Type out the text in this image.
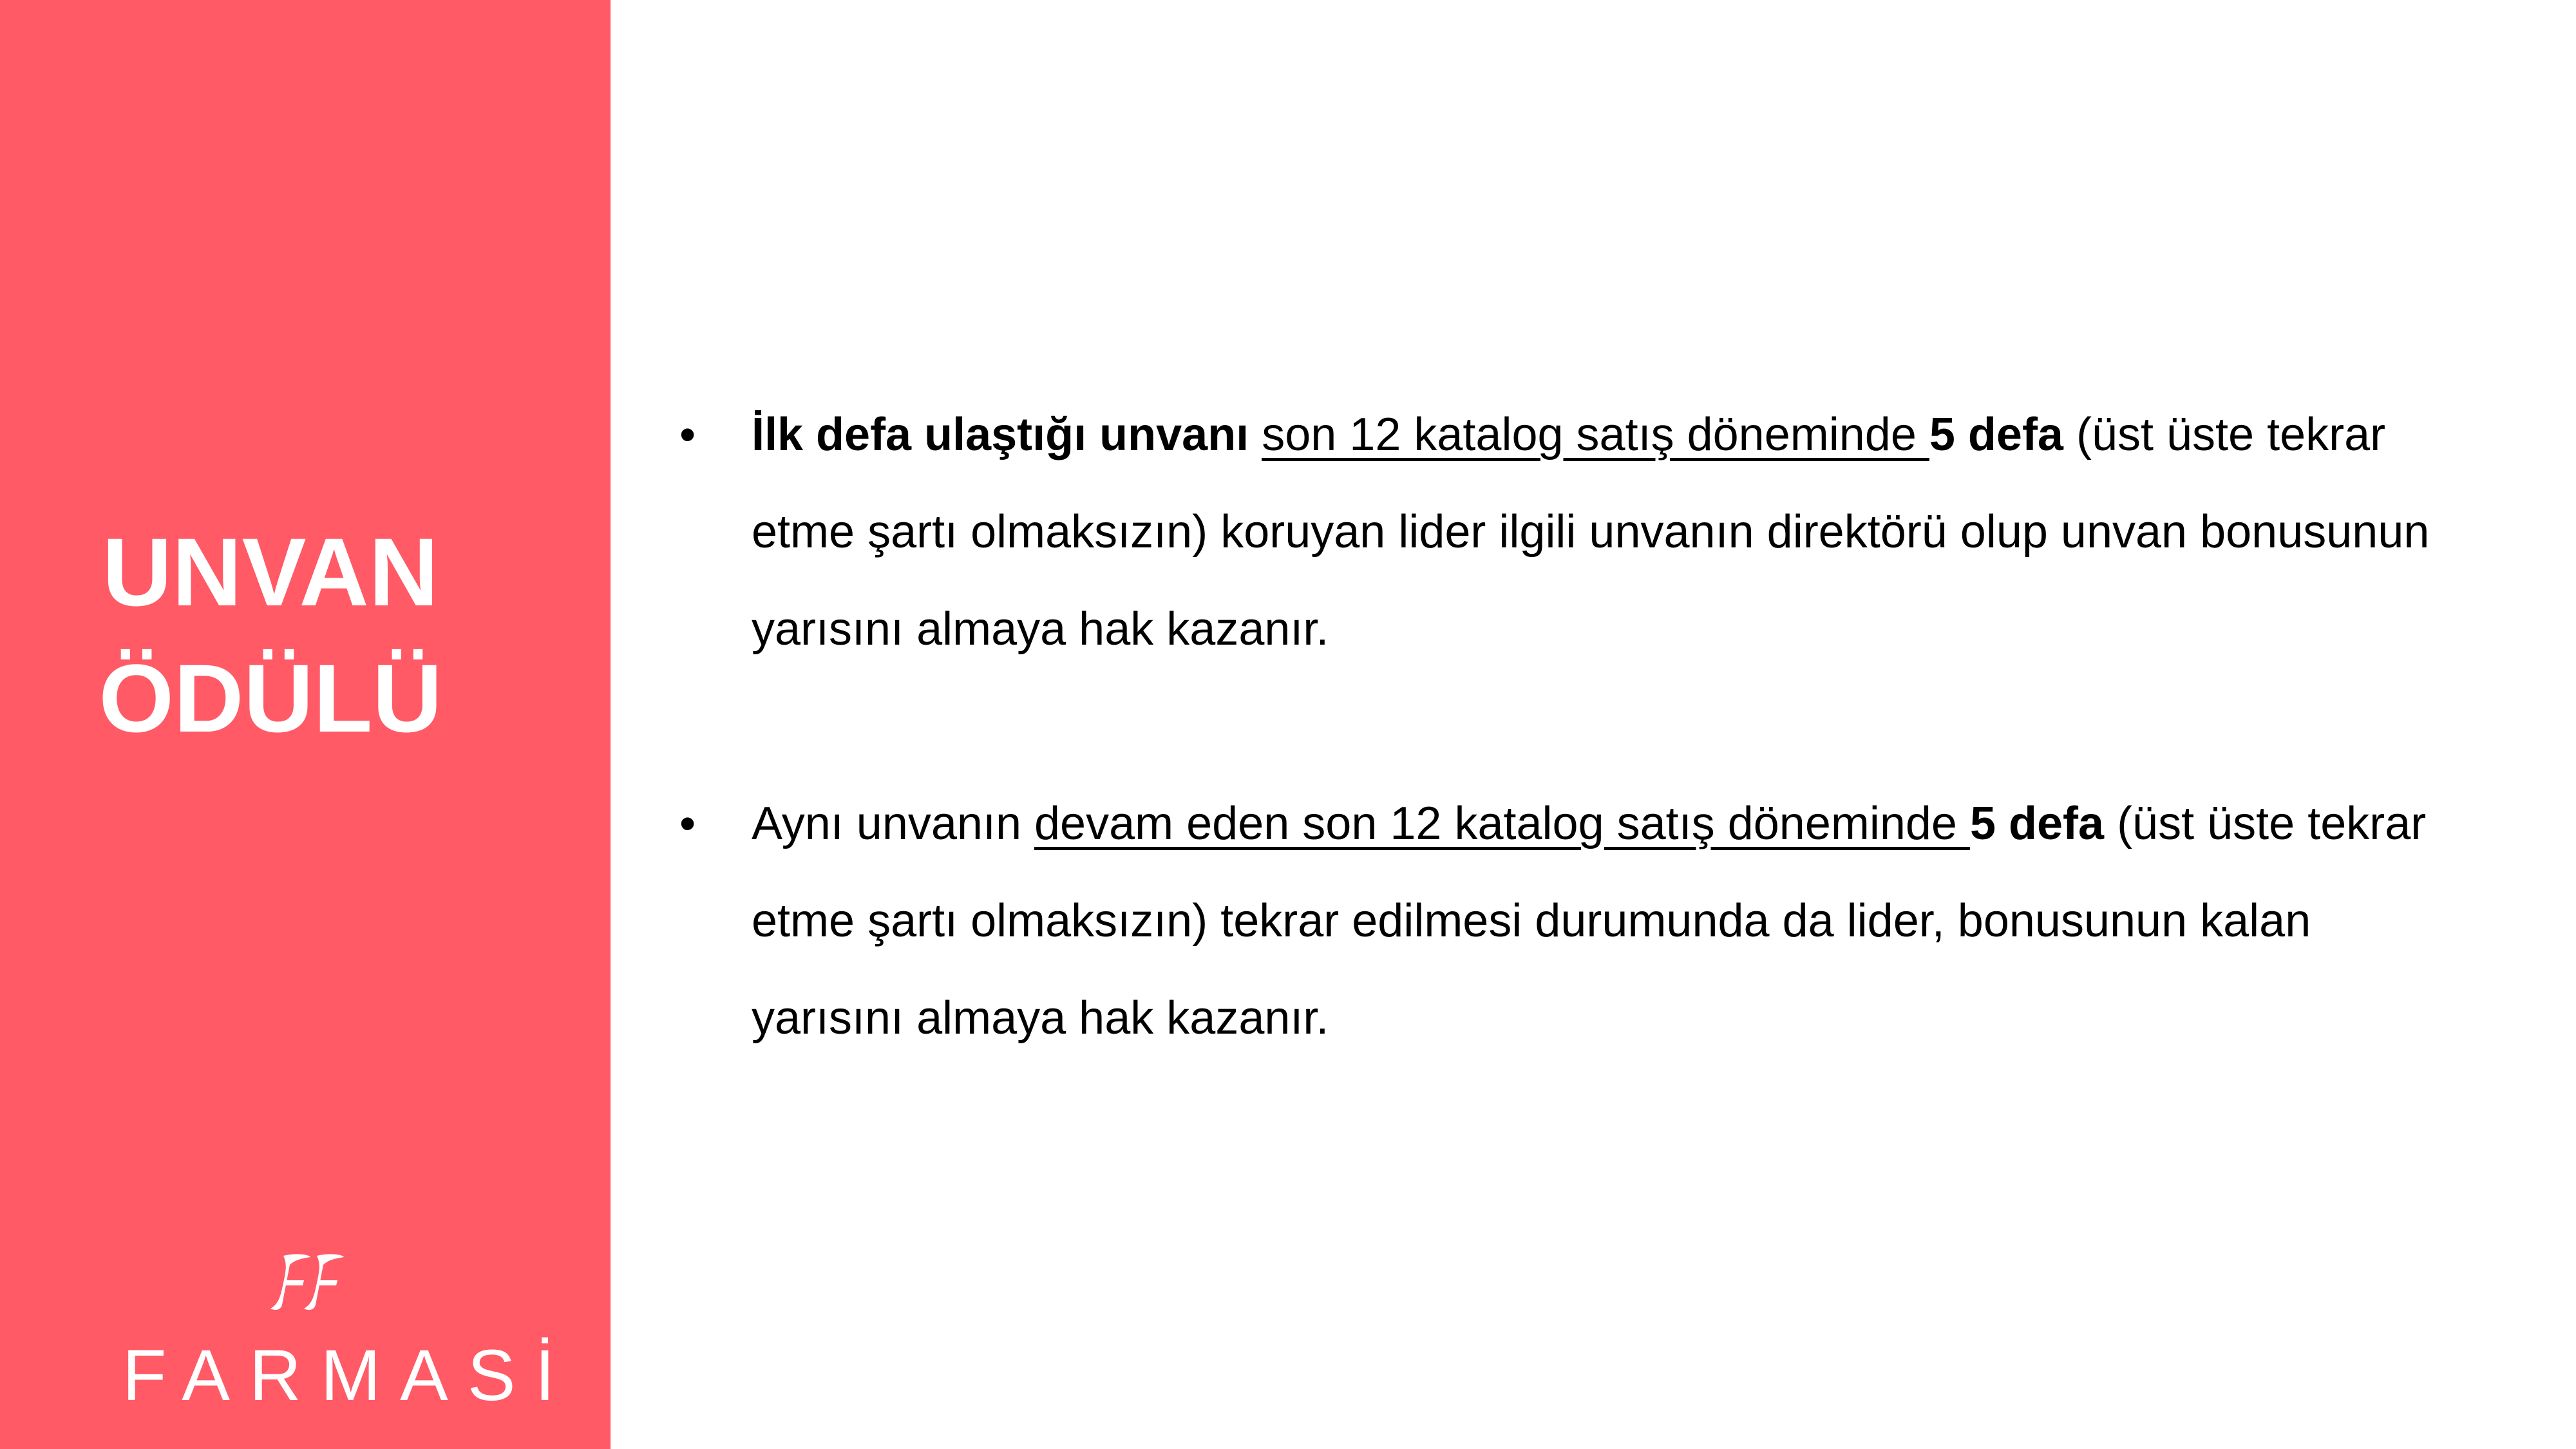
UNVAN
ÖDÜLÜ
FARMASİ
•	İlk defa ulaştığı unvanı son 12 katalog satış döneminde 5 defa (üst üste tekrar etme şartı olmaksızın) koruyan lider ilgili unvanın direktörü olup unvan bonusunun yarısını almaya hak kazanır.
•	Aynı unvanın devam eden son 12 katalog satış döneminde 5 defa (üst üste tekrar etme şartı olmaksızın) tekrar edilmesi durumunda da lider, bonusunun kalan yarısını almaya hak kazanır.
